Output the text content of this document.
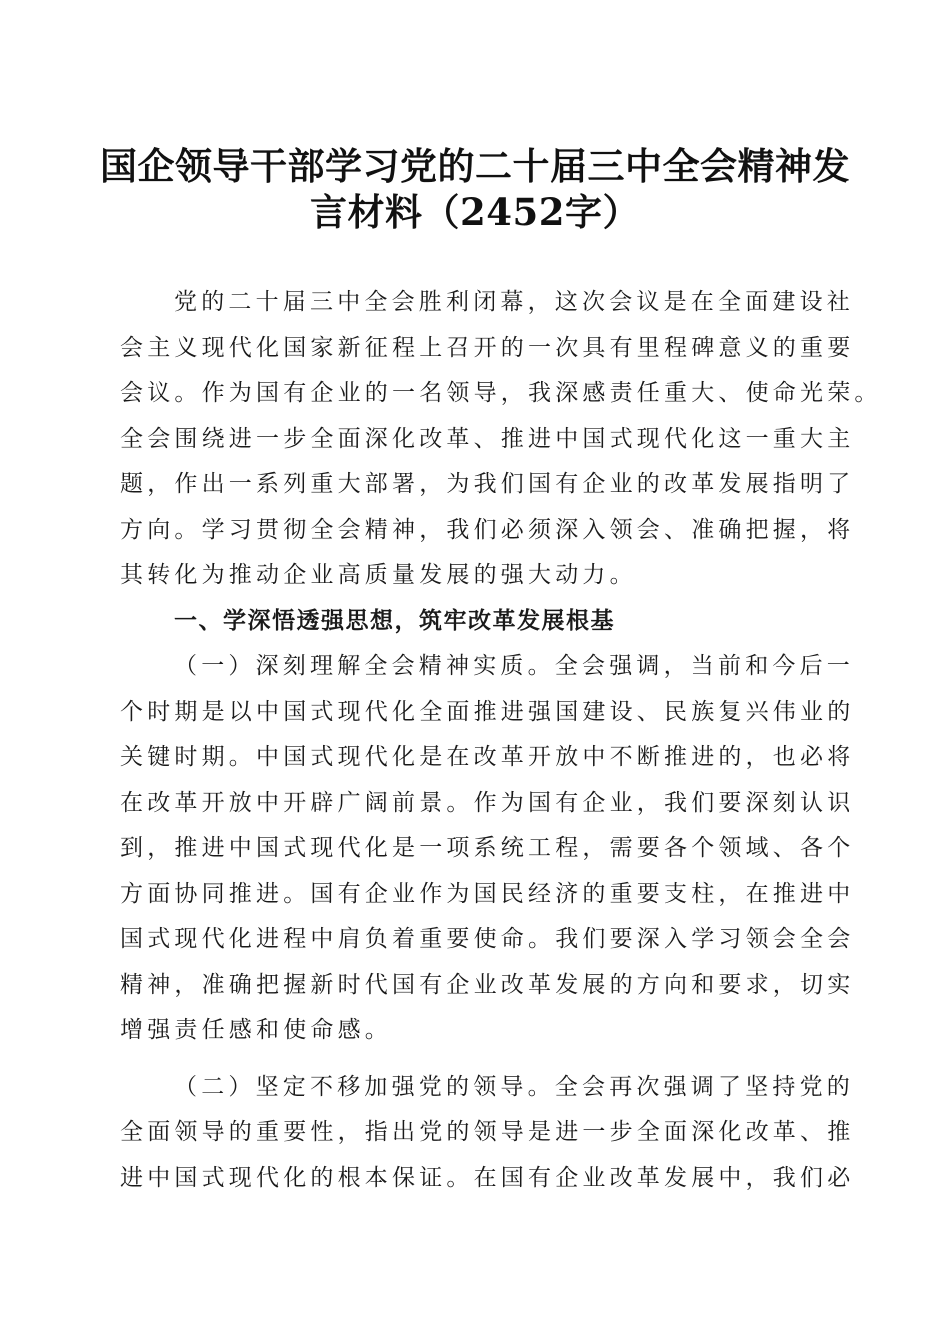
国企领导干部学习党的二十届三中全会精神发
言材料（2452字）
党的二十届三中全会胜利闭幕，这次会议是在全面建设社
会主义现代化国家新征程上召开的一次具有里程碑意义的重要
会议。作为国有企业的一名领导，我深感责任重大、使命光荣。
全会围绕进一步全面深化改革、推进中国式现代化这一重大主
题，作出一系列重大部署，为我们国有企业的改革发展指明了
方向。学习贯彻全会精神，我们必须深入领会、准确把握，将
其转化为推动企业高质量发展的强大动力。
一、学深悟透强思想，筑牢改革发展根基
（一）深刻理解全会精神实质。全会强调，当前和今后一
个时期是以中国式现代化全面推进强国建设、民族复兴伟业的
关键时期。中国式现代化是在改革开放中不断推进的，也必将
在改革开放中开辟广阔前景。作为国有企业，我们要深刻认识
到，推进中国式现代化是一项系统工程，需要各个领域、各个
方面协同推进。国有企业作为国民经济的重要支柱，在推进中
国式现代化进程中肩负着重要使命。我们要深入学习领会全会
精神，准确把握新时代国有企业改革发展的方向和要求，切实
增强责任感和使命感。
（二）坚定不移加强党的领导。全会再次强调了坚持党的
全面领导的重要性，指出党的领导是进一步全面深化改革、推
进中国式现代化的根本保证。在国有企业改革发展中，我们必
